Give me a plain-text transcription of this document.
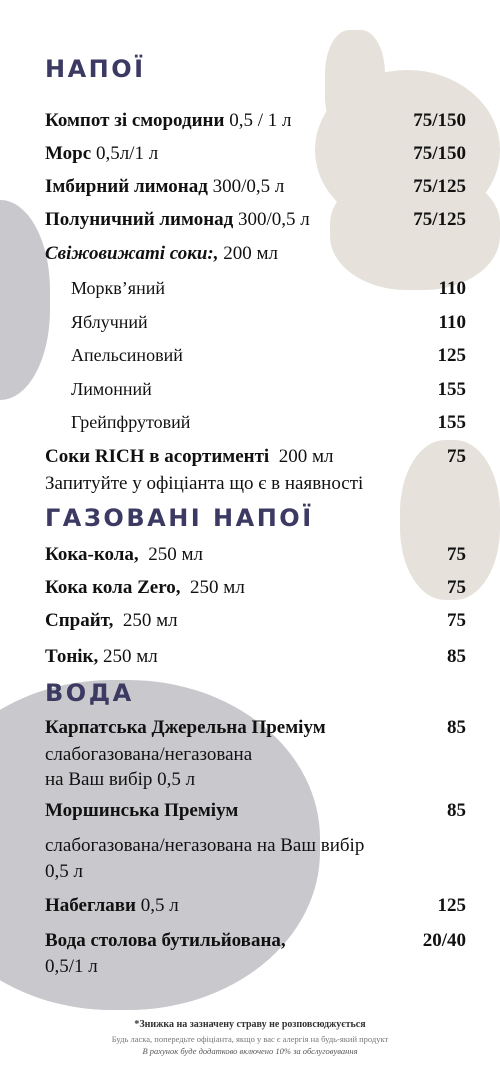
НАПОЇ
Компот зі смородини 0,5 / 1 л	75/150
Морс 0,5л/1 л	75/150
Імбирний лимонад 300/0,5 л	75/125
Полуничний лимонад 300/0,5 л	75/125
Свіжовижаті соки:, 200 мл
Морквʼяний	110
Яблучний	110
Апельсиновий	125
Лимонний	155
Грейпфрутовий	155
Соки RICH в асортименті 200 мл	75
Запитуйте у офіціанта що є в наявності
ГАЗОВАНІ НАПОЇ
Кока-кола, 250 мл	75
Кока кола Zero, 250 мл	75
Спрайт, 250 мл	75
Тонік, 250 мл	85
ВОДА
Карпатська Джерельна Преміум	85
слабогазована/негазована
на Ваш вибір 0,5 л
Моршинська Преміум	85
слабогазована/негазована на Ваш вибір
0,5 л
Набеглави 0,5 л	125
Вода столова бутильйована,	20/40
0,5/1 л
*Знижка на зазначену страву не розповсюджується
Будь ласка, попередьте офіціанта, якщо у вас є алергія на будь-який продукт
В рахунок буде додатково включено 10% за обслуговування
